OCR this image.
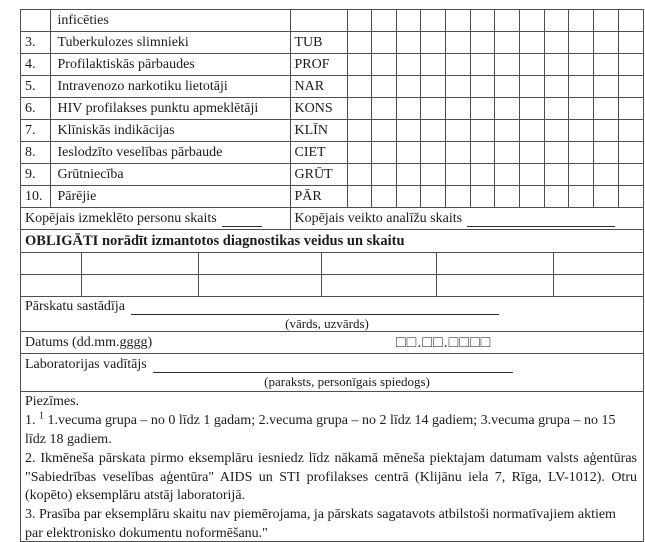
	inficēties													
3.	Tuberkulozes slimnieki	TUB												
4.	Profilaktiskās pārbaudes	PROF												
5.	Intravenozo narkotiku lietotāji	NAR												
6.	HIV profilakses punktu apmeklētāji	KONS												
7.	Klīniskās indikācijas	KLĪN												
8.	Ieslodzīto veselības pārbaude	CIET												
9.	Grūtniecība	GRŪT												
10.	Pārējie	PĀR												
Kopējais izmeklēto personu skaits		Kopējais veikto analīžu skaits												
OBLIGĀTI norādīt izmantotos diagnostikas veidus un skaitu

Pārskatu sastādīja
(vārds, uzvārds)
Datums (dd.mm.gggg)	□□.□□.□□□□
Laboratorijas vadītājs
(paraksts, personīgais spiedogs)

Piezīmes.

1. $^1$ 1.vecuma grupa – no 0 līdz 1 gadam; 2.vecuma grupa – no 2 līdz 14 gadiem; 3.vecuma grupa – no 15 līdz 18 gadiem.

2. Ikmēneša pārskata pirmo eksemplāru iesniedz līdz nākamā mēneša piektajam datumam valsts aģentūras "Sabiedrības veselības aģentūra" AIDS un STI profilakses centrā (Klijānu iela 7, Rīga, LV-1012). Otru (kopēto) eksemplāru atstāj laboratorijā.

3. Prasība par eksemplāru skaitu nav piemērojama, ja pārskats sagatavots atbilstoši normatīvajiem aktiem par elektronisko dokumentu noformēšanu."
